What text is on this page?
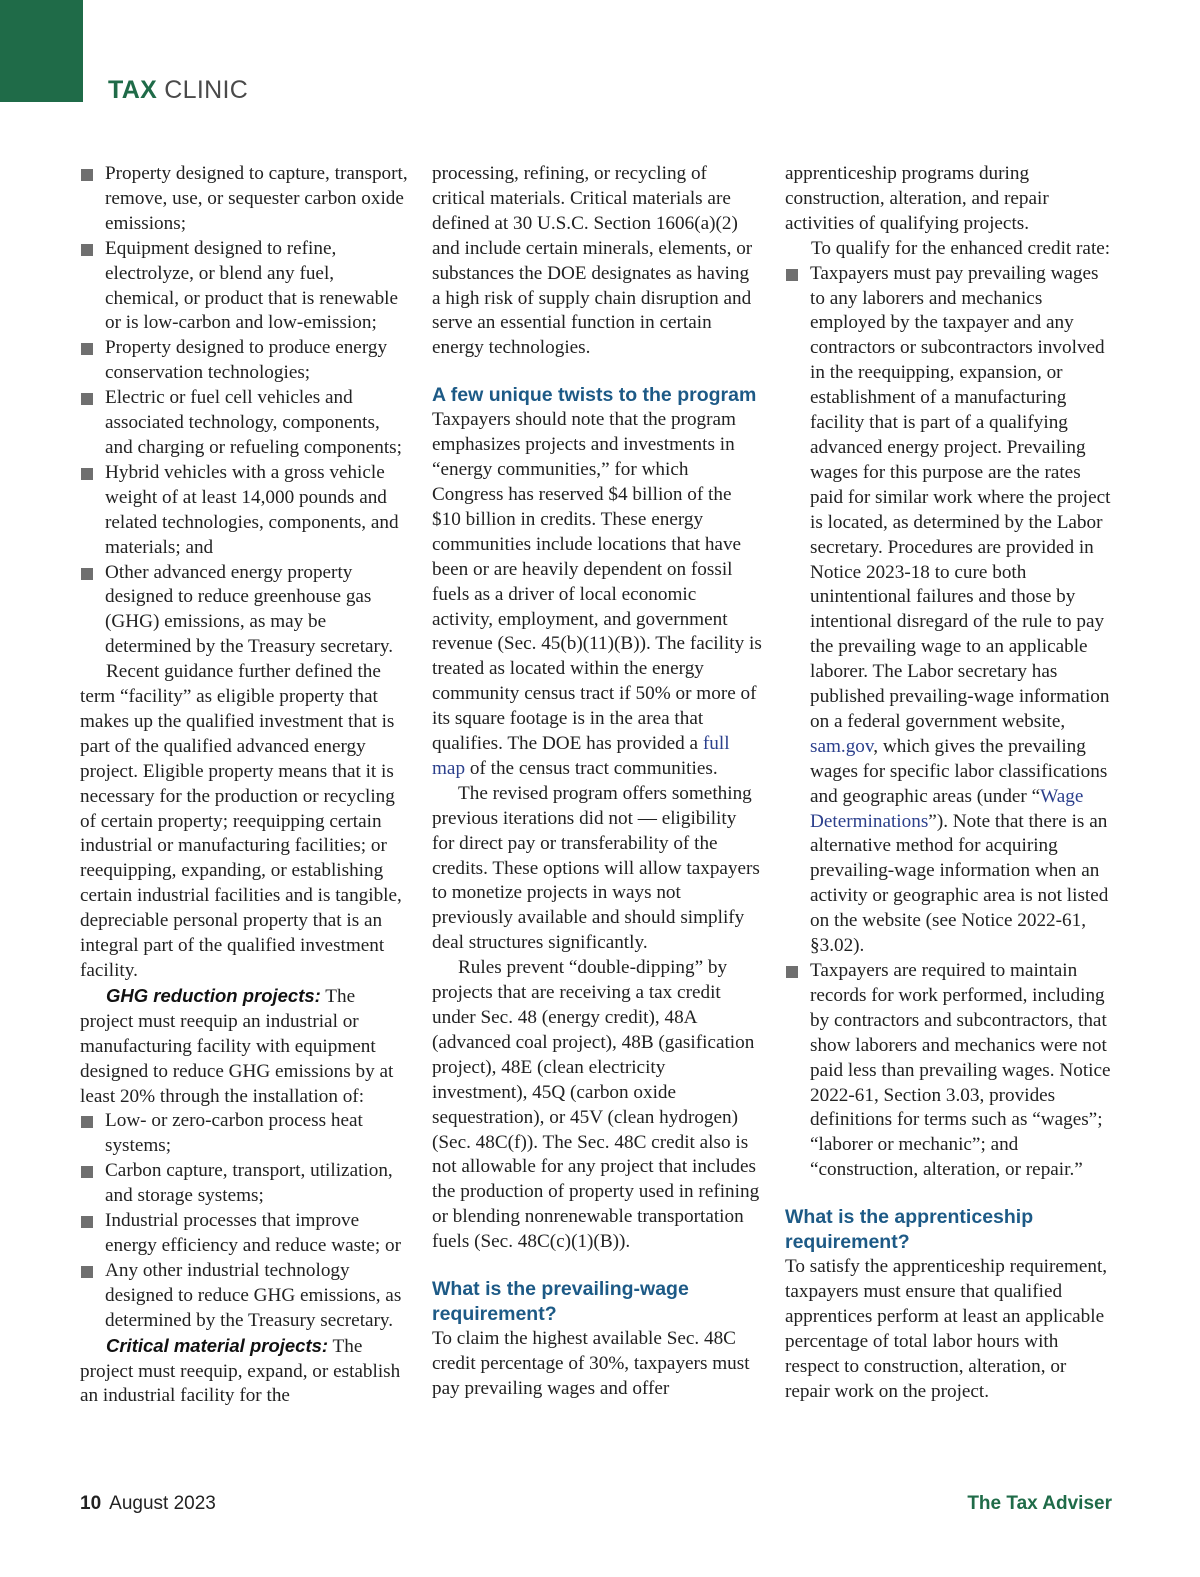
TAX CLINIC
Property designed to capture, transport, remove, use, or sequester carbon oxide emissions;
Equipment designed to refine, electrolyze, or blend any fuel, chemical, or product that is renewable or is low-carbon and low-emission;
Property designed to produce energy conservation technologies;
Electric or fuel cell vehicles and associated technology, components, and charging or refueling components;
Hybrid vehicles with a gross vehicle weight of at least 14,000 pounds and related technologies, components, and materials; and
Other advanced energy property designed to reduce greenhouse gas (GHG) emissions, as may be determined by the Treasury secretary.

Recent guidance further defined the term “facility” as eligible property that makes up the qualified investment that is part of the qualified advanced energy project. Eligible property means that it is necessary for the production or recycling of certain property; reequipping certain industrial or manufacturing facilities; or reequipping, expanding, or establishing certain industrial facilities and is tangible, depreciable personal property that is an integral part of the qualified investment facility.

GHG reduction projects: The project must reequip an industrial or manufacturing facility with equipment designed to reduce GHG emissions by at least 20% through the installation of:

Low- or zero-carbon process heat systems;
Carbon capture, transport, utilization, and storage systems;
Industrial processes that improve energy efficiency and reduce waste; or
Any other industrial technology designed to reduce GHG emissions, as determined by the Treasury secretary.

Critical material projects: The project must reequip, expand, or establish an industrial facility for the

processing, refining, or recycling of critical materials. Critical materials are defined at 30 U.S.C. Section 1606(a)(2) and include certain minerals, elements, or substances the DOE designates as having a high risk of supply chain disruption and serve an essential function in certain energy technologies.

A few unique twists to the program

Taxpayers should note that the program emphasizes projects and investments in “energy communities,” for which Congress has reserved $4 billion of the $10 billion in credits. These energy communities include locations that have been or are heavily dependent on fossil fuels as a driver of local economic activity, employment, and government revenue (Sec. 45(b)(11)(B)). The facility is treated as located within the energy community census tract if 50% or more of its square footage is in the area that qualifies. The DOE has provided a full map of the census tract communities.

The revised program offers something previous iterations did not — eligibility for direct pay or transferability of the credits. These options will allow taxpayers to monetize projects in ways not previously available and should simplify deal structures significantly.

Rules prevent “double-dipping” by projects that are receiving a tax credit under Sec. 48 (energy credit), 48A (advanced coal project), 48B (gasification project), 48E (clean electricity investment), 45Q (carbon oxide sequestration), or 45V (clean hydrogen) (Sec. 48C(f)). The Sec. 48C credit also is not allowable for any project that includes the production of property used in refining or blending nonrenewable transportation fuels (Sec. 48C(c)(1)(B)).

What is the prevailing-wage requirement?

To claim the highest available Sec. 48C credit percentage of 30%, taxpayers must pay prevailing wages and offer

apprenticeship programs during construction, alteration, and repair activities of qualifying projects.

To qualify for the enhanced credit rate:

Taxpayers must pay prevailing wages to any laborers and mechanics employed by the taxpayer and any contractors or subcontractors involved in the reequipping, expansion, or establishment of a manufacturing facility that is part of a qualifying advanced energy project. Prevailing wages for this purpose are the rates paid for similar work where the project is located, as determined by the Labor secretary. Procedures are provided in Notice 2023-18 to cure both unintentional failures and those by intentional disregard of the rule to pay the prevailing wage to an applicable laborer. The Labor secretary has published prevailing-wage information on a federal government website, sam.gov, which gives the prevailing wages for specific labor classifications and geographic areas (under “Wage Determinations”). Note that there is an alternative method for acquiring prevailing-wage information when an activity or geographic area is not listed on the website (see Notice 2022-61, §3.02).
Taxpayers are required to maintain records for work performed, including by contractors and subcontractors, that show laborers and mechanics were not paid less than prevailing wages. Notice 2022-61, Section 3.03, provides definitions for terms such as “wages”; “laborer or mechanic”; and “construction, alteration, or repair.”
What is the apprenticeship requirement?

To satisfy the apprenticeship requirement, taxpayers must ensure that qualified apprentices perform at least an applicable percentage of total labor hours with respect to construction, alteration, or repair work on the project.

10 August 2023	The Tax Adviser
